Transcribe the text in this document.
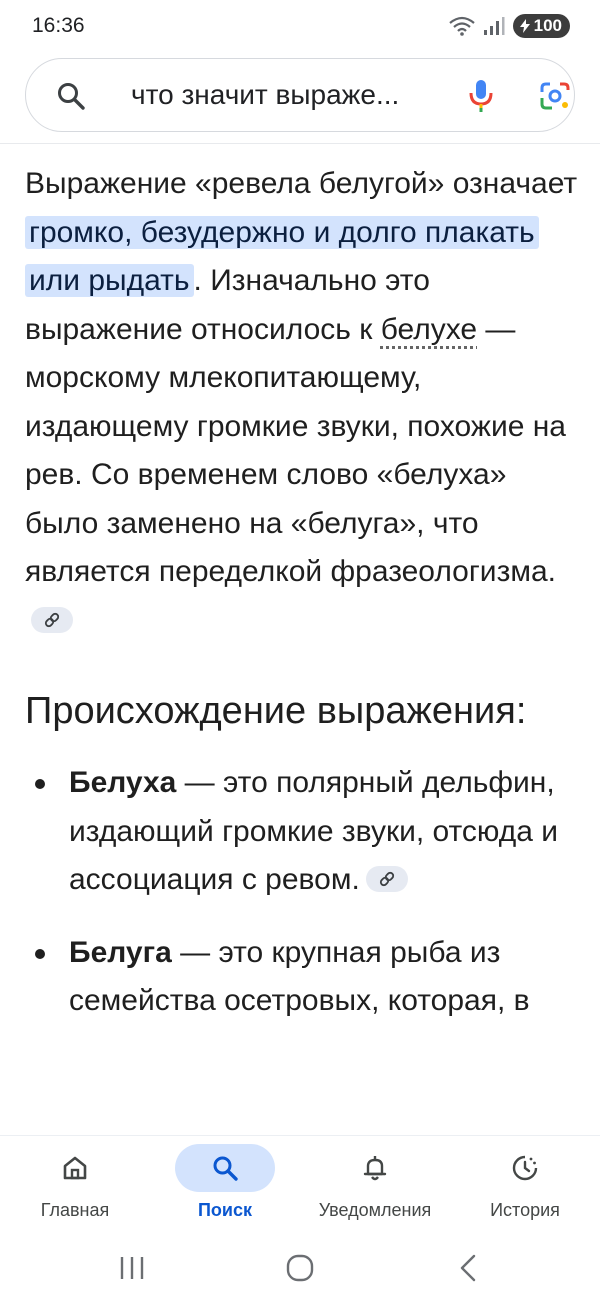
16:36	100
что значит выраже...

Выражение «ревела белугой» означает громко, безудержно и долго плакать или рыдать . Изначально это выражение относилось к белухе — морскому млекопитающему, издающему громкие звуки, похожие на рев. Со временем слово «белуха» было заменено на «белуга», что является переделкой фразеологизма.

Происхождение выражения:
Белуха — это полярный дельфин, издающий громкие звуки, отсюда и ассоциация с ревом.
Белуга — это крупная рыба из семейства осетровых, которая, в
Главная	Поиск	Уведомления	История
